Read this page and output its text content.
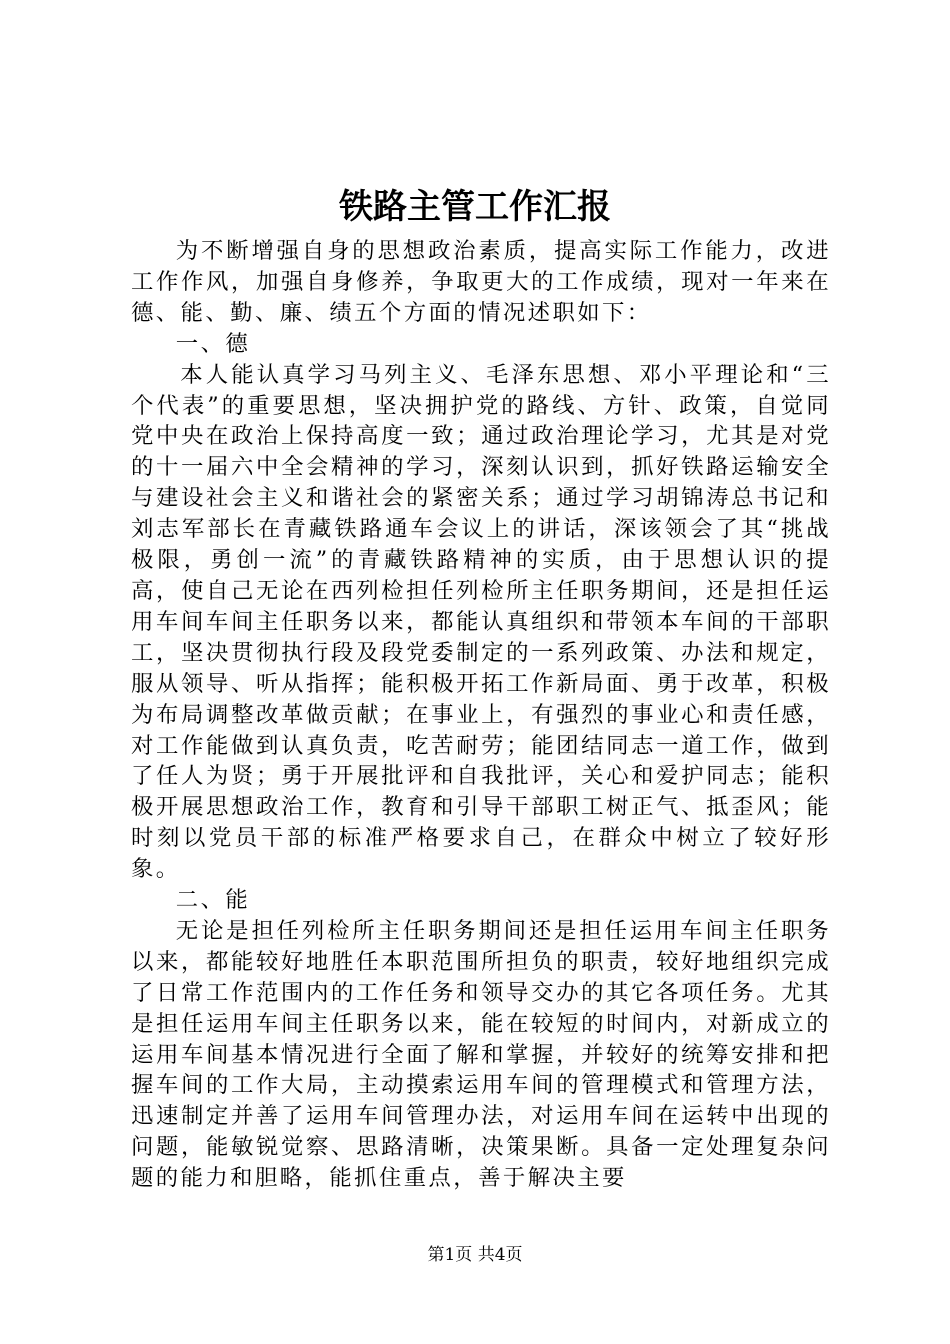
铁路主管工作汇报

为不断增强自身的思想政治素质，提高实际工作能力，改进工作作风，加强自身修养，争取更大的工作成绩，现对一年来在德、能、勤、廉、绩五个方面的情况述职如下：

一、德

本人能认真学习马列主义、毛泽东思想、邓小平理论和“三个代表”的重要思想，坚决拥护党的路线、方针、政策，自觉同党中央在政治上保持高度一致；通过政治理论学习，尤其是对党的十一届六中全会精神的学习，深刻认识到，抓好铁路运输安全与建设社会主义和谐社会的紧密关系；通过学习胡锦涛总书记和刘志军部长在青藏铁路通车会议上的讲话，深该领会了其“挑战极限，勇创一流”的青藏铁路精神的实质，由于思想认识的提高，使自己无论在西列检担任列检所主任职务期间，还是担任运用车间车间主任职务以来，都能认真组织和带领本车间的干部职工，坚决贯彻执行段及段党委制定的一系列政策、办法和规定，服从领导、听从指挥；能积极开拓工作新局面、勇于改革，积极为布局调整改革做贡献；在事业上，有强烈的事业心和责任感，对工作能做到认真负责，吃苦耐劳；能团结同志一道工作，做到了任人为贤；勇于开展批评和自我批评，关心和爱护同志；能积极开展思想政治工作，教育和引导干部职工树正气、抵歪风；能时刻以党员干部的标准严格要求自己，在群众中树立了较好形象。

二、能

无论是担任列检所主任职务期间还是担任运用车间主任职务以来，都能较好地胜任本职范围所担负的职责，较好地组织完成了日常工作范围内的工作任务和领导交办的其它各项任务。尤其是担任运用车间主任职务以来，能在较短的时间内，对新成立的运用车间基本情况进行全面了解和掌握，并较好的统筹安排和把握车间的工作大局，主动摸索运用车间的管理模式和管理方法，迅速制定并善了运用车间管理办法，对运用车间在运转中出现的问题，能敏锐觉察、思路清晰，决策果断。具备一定处理复杂问题的能力和胆略，能抓住重点，善于解决主要

第1页 共4页
